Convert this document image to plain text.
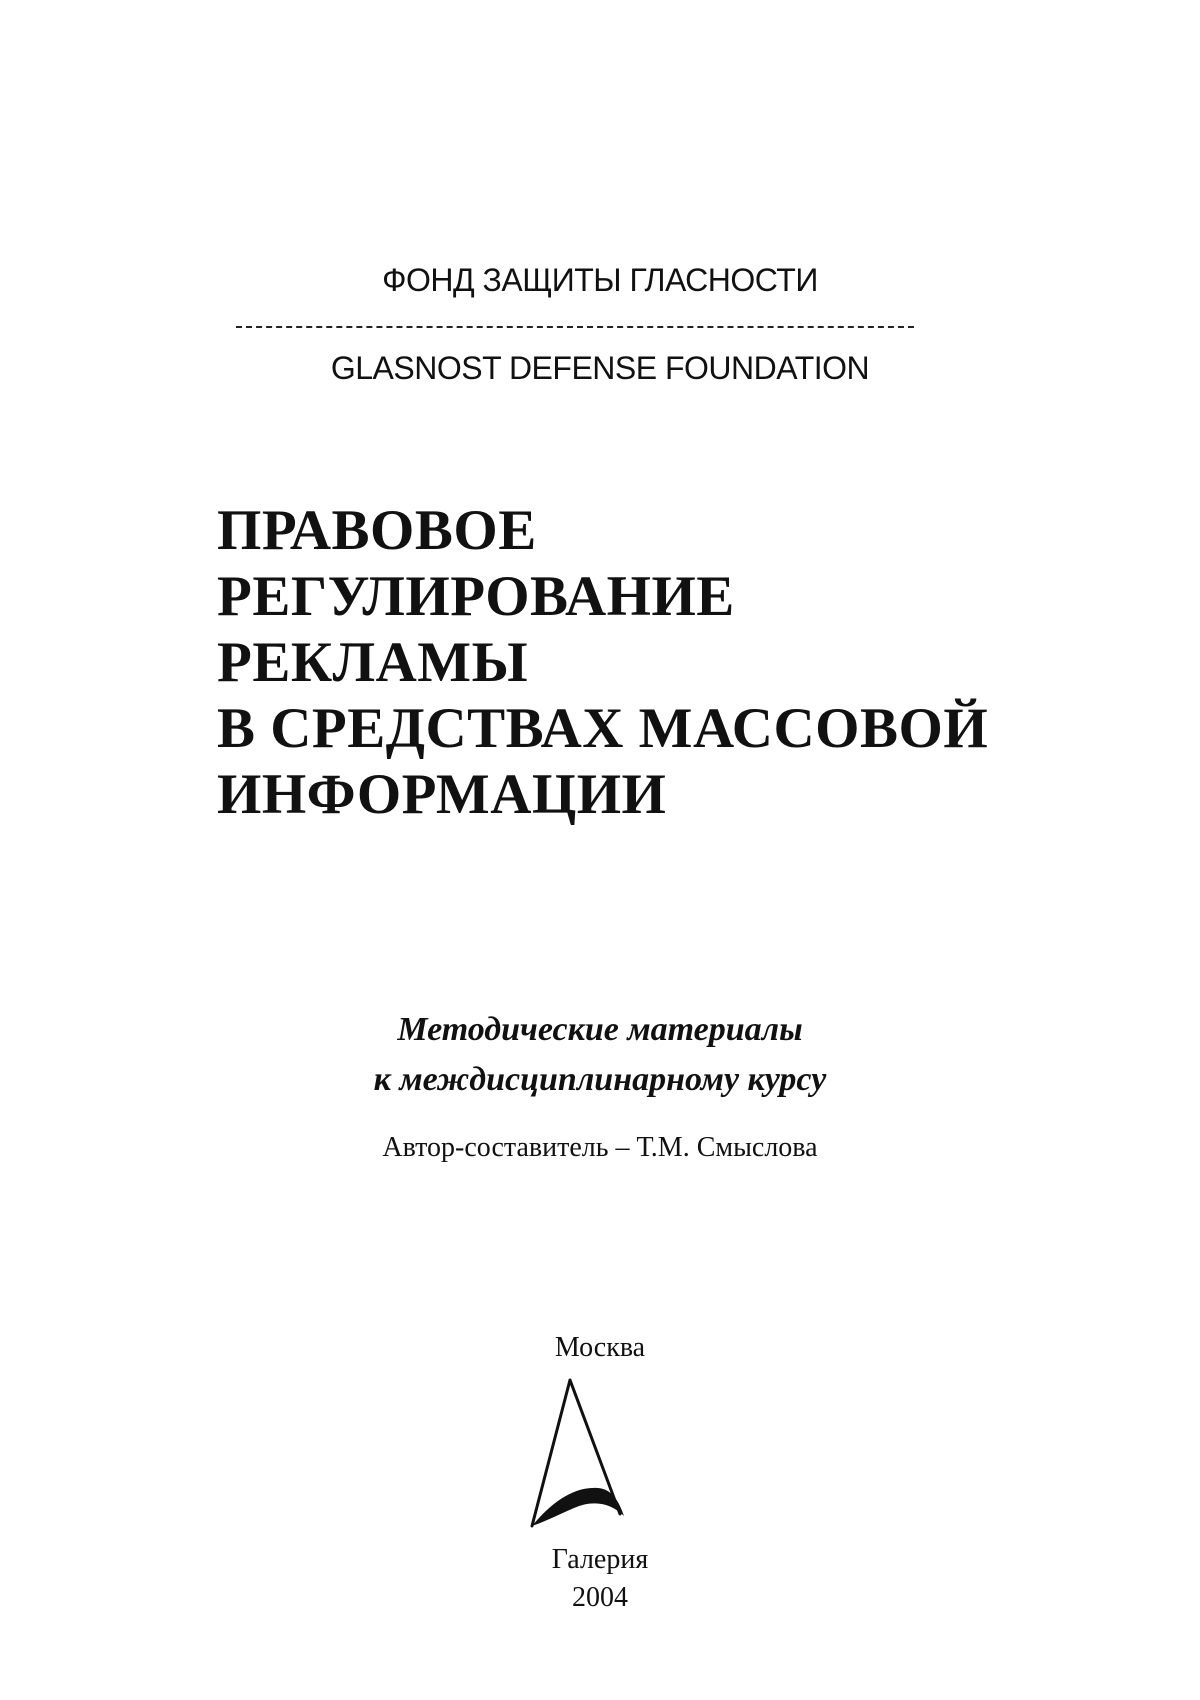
ФОНД ЗАЩИТЫ ГЛАСНОСТИ
GLASNOST DEFENSE FOUNDATION
ПРАВОВОЕ
РЕГУЛИРОВАНИЕ
РЕКЛАМЫ
В СРЕДСТВАХ МАССОВОЙ
ИНФОРМАЦИИ
Методические материалы
к междисциплинарному курсу
Автор-составитель – Т.М. Смыслова
Москва
Галерия
2004
